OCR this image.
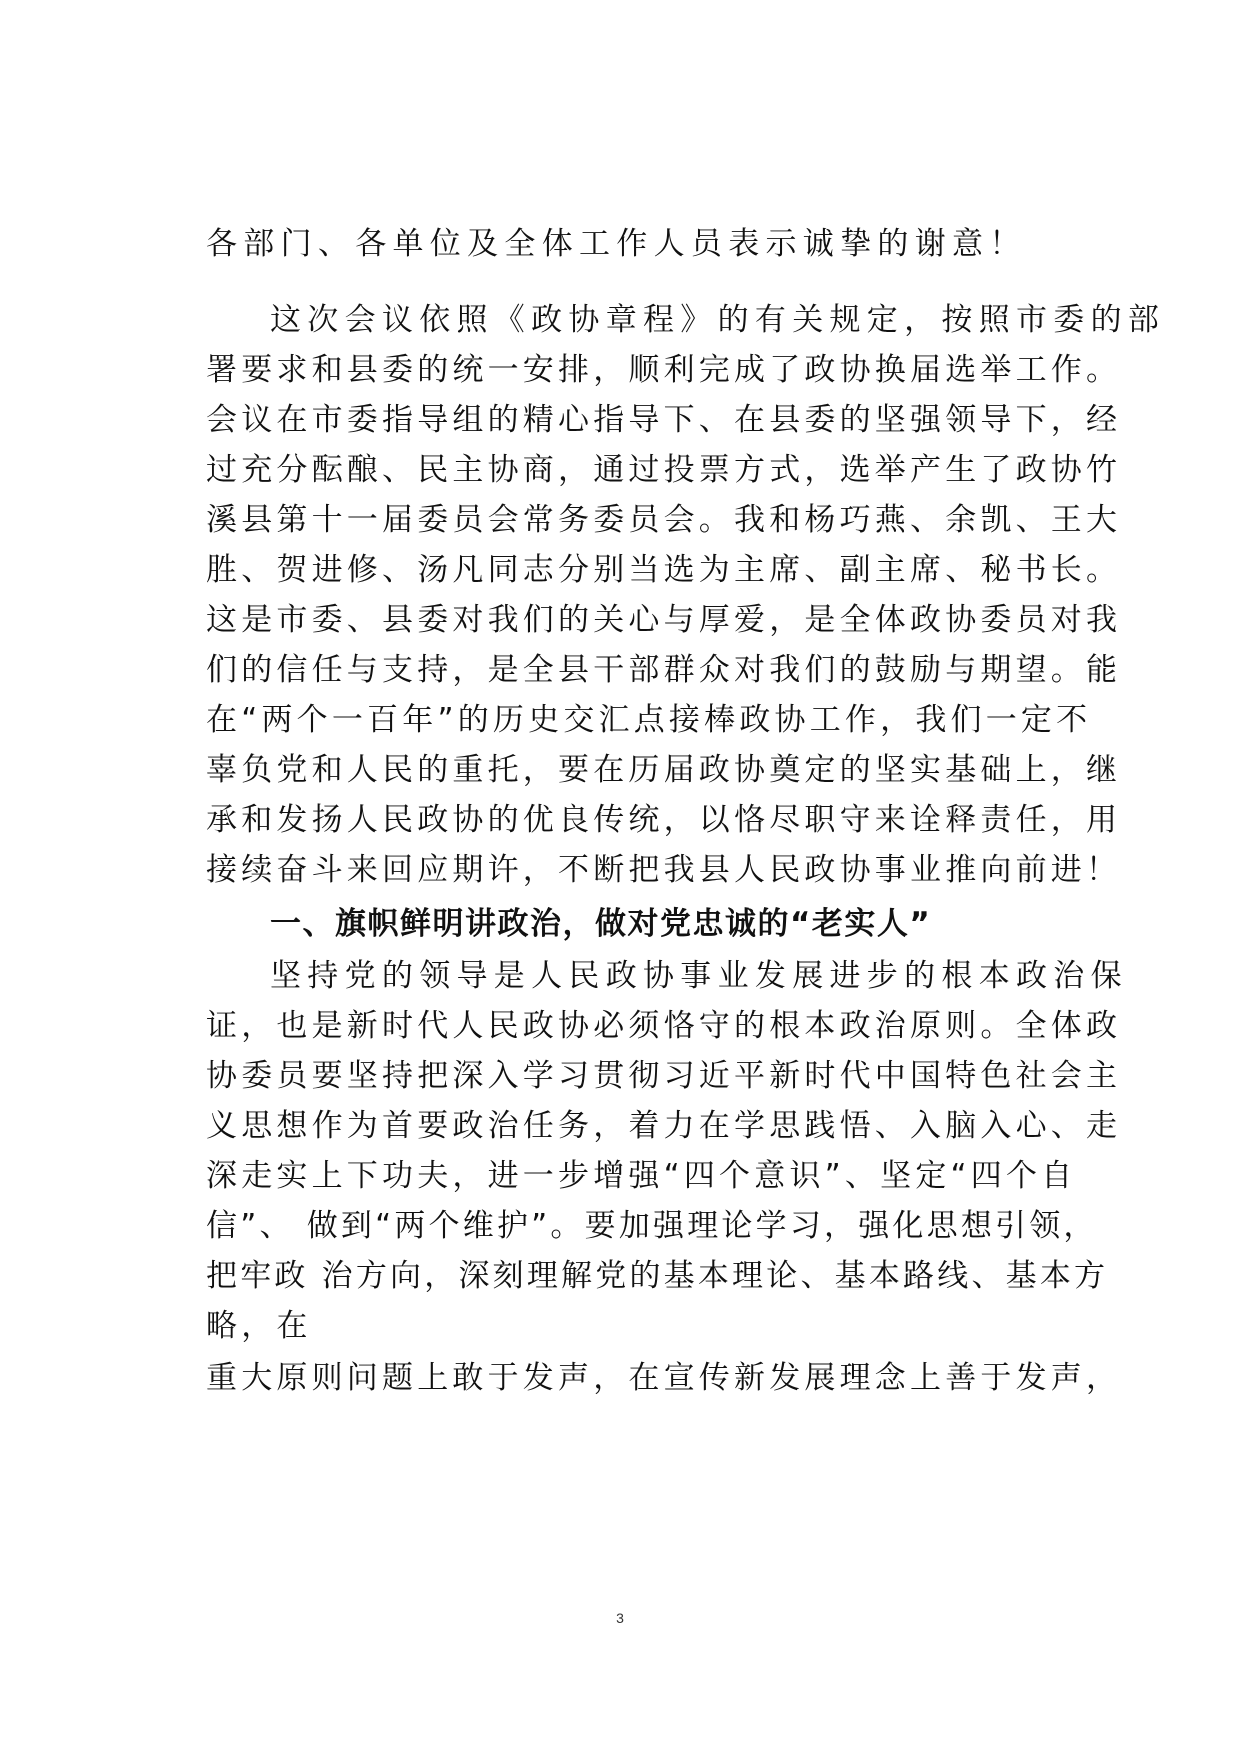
各部门、各单位及全体工作人员表示诚挚的谢意！
这次会议依照《政协章程》的有关规定，按照市委的部
署要求和县委的统一安排，顺利完成了政协换届选举工作。
会议在市委指导组的精心指导下、在县委的坚强领导下，经
过充分酝酿、民主协商，通过投票方式，选举产生了政协竹
溪县第十一届委员会常务委员会。我和杨巧燕、余凯、王大
胜、贺进修、汤凡同志分别当选为主席、副主席、秘书长。
这是市委、县委对我们的关心与厚爱，是全体政协委员对我
们的信任与支持，是全县干部群众对我们的鼓励与期望。能
在“两个一百年”的历史交汇点接棒政协工作，我们一定不
辜负党和人民的重托，要在历届政协奠定的坚实基础上，继
承和发扬人民政协的优良传统，以恪尽职守来诠释责任，用
接续奋斗来回应期许，不断把我县人民政协事业推向前进！
一、旗帜鲜明讲政治，做对党忠诚的“老实人”
坚持党的领导是人民政协事业发展进步的根本政治保
证，也是新时代人民政协必须恪守的根本政治原则。全体政
协委员要坚持把深入学习贯彻习近平新时代中国特色社会主
义思想作为首要政治任务，着力在学思践悟、入脑入心、走
深走实上下功夫，进一步增强“四个意识”、坚定“四个自
信”、 做到“两个维护”。要加强理论学习，强化思想引领，
把牢政 治方向，深刻理解党的基本理论、基本路线、基本方
略，在
重大原则问题上敢于发声，在宣传新发展理念上善于发声，
3
